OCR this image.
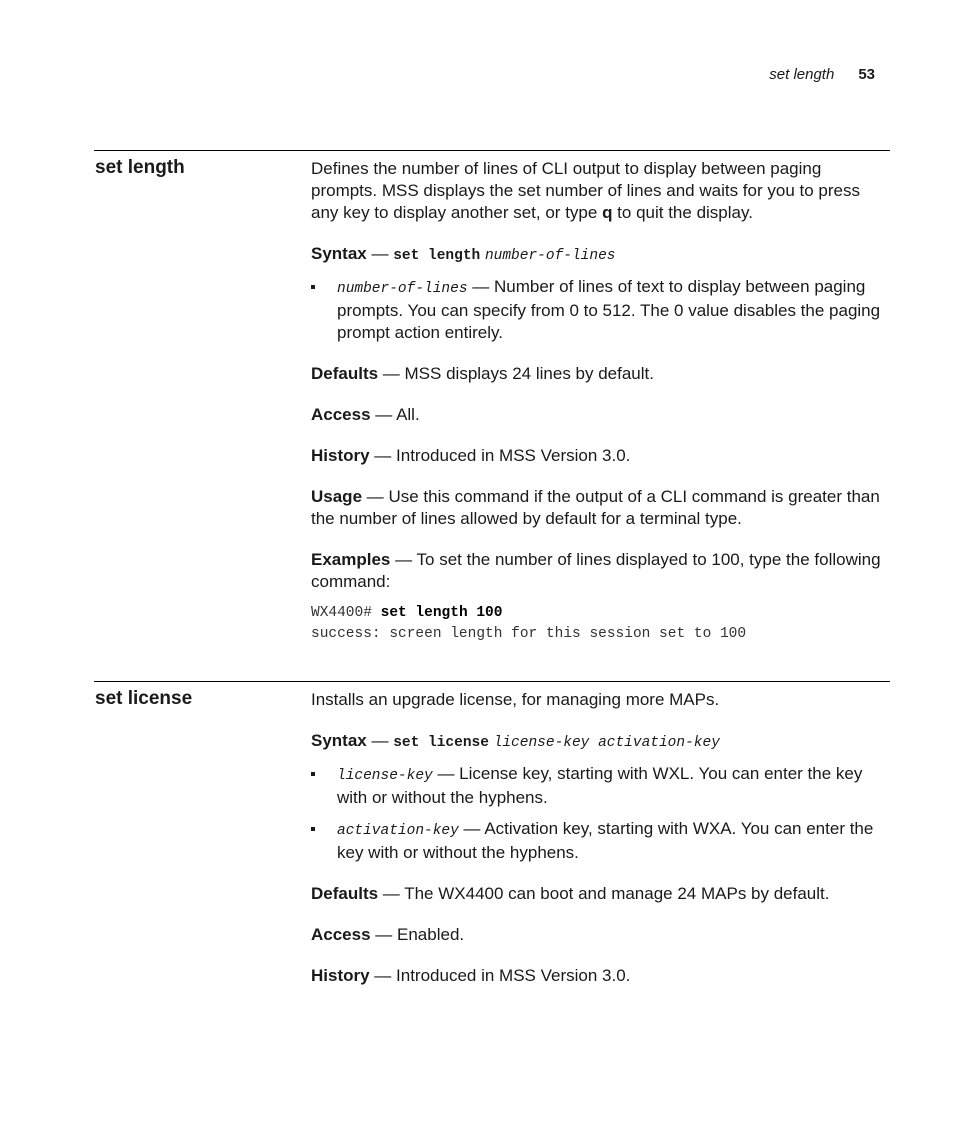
set length 53
set length	Defines the number of lines of CLI output to display between paging prompts. MSS displays the set number of lines and waits for you to press any key to display another set, or type q to quit the display.

Syntax — set length number-of-lines

number-of-lines — Number of lines of text to display between paging prompts. You can specify from 0 to 512. The 0 value disables the paging prompt action entirely.

Defaults — MSS displays 24 lines by default.

Access — All.

History — Introduced in MSS Version 3.0.

Usage — Use this command if the output of a CLI command is greater than the number of lines allowed by default for a terminal type.

Examples — To set the number of lines displayed to 100, type the following command:

WX4400# set length 100
success: screen length for this session set to 100
set license	Installs an upgrade license, for managing more MAPs.

Syntax — set license license-key activation-key

license-key — License key, starting with WXL. You can enter the key with or without the hyphens.
activation-key — Activation key, starting with WXA. You can enter the key with or without the hyphens.

Defaults — The WX4400 can boot and manage 24 MAPs by default.

Access — Enabled.

History — Introduced in MSS Version 3.0.
